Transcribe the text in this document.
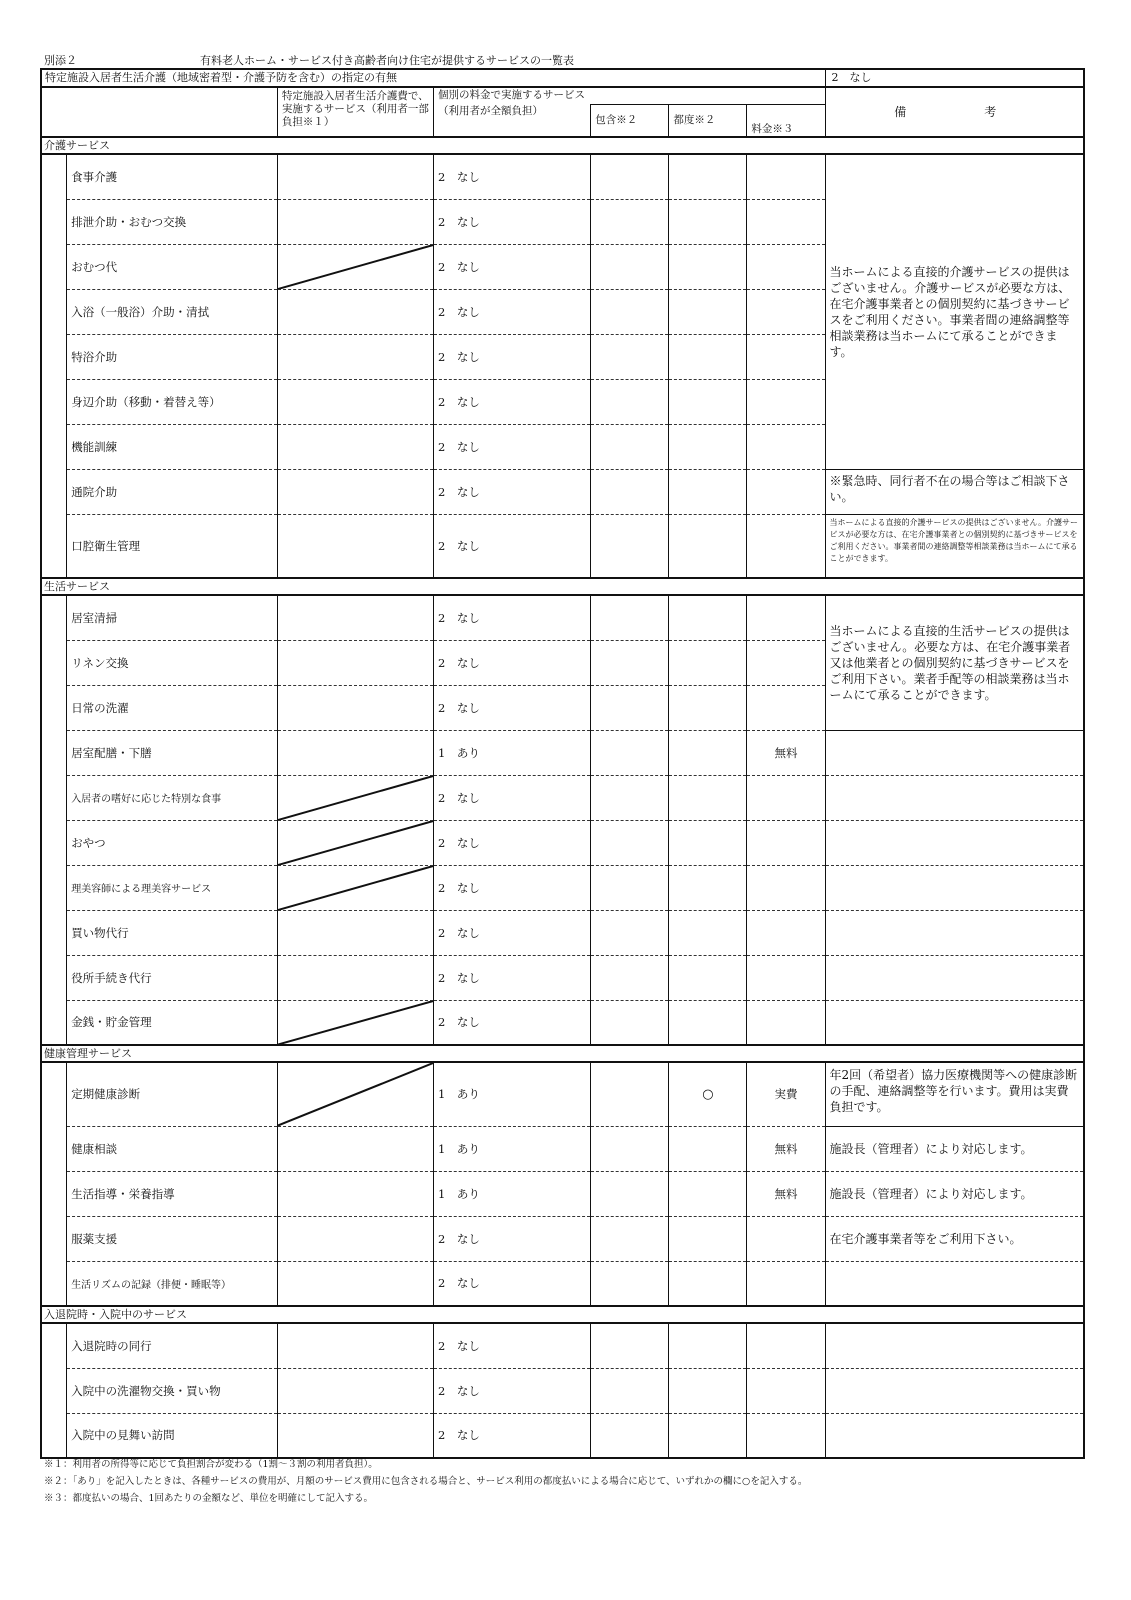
別添２	有料老人ホーム・サービス付き高齢者向け住宅が提供するサービスの一覧表
特定施設入居者生活介護（地域密着型・介護予防を含む）の指定の有無							2　なし
		特定施設入居者生活介護費で、実施するサービス（利用者一部負担※１）	個別の料金で実施するサービス				備　　考
			（利用者が全額負担）	包含※２	都度※２		
						料金※３	
介護サービス							
	食事介護		2　なし				当ホームによる直接的介護サービスの提供はございません。介護サービスが必要な方は、在宅介護事業者との個別契約に基づきサービスをご利用ください。事業者間の連絡調整等相談業務は当ホームにて承ることができます。
	排泄介助・おむつ交換		2　なし				
	おむつ代		2　なし				
	入浴（一般浴）介助・清拭		2　なし				
	特浴介助		2　なし				
	身辺介助（移動・着替え等）		2　なし				
	機能訓練		2　なし				
	通院介助		2　なし				※緊急時、同行者不在の場合等はご相談下さい。
	口腔衛生管理		2　なし				当ホームによる直接的介護サービスの提供はございません。介護サービスが必要な方は、在宅介護事業者との個別契約に基づきサービスをご利用ください。事業者間の連絡調整等相談業務は当ホームにて承ることができます。
生活サービス							
	居室清掃		2　なし				当ホームによる直接的生活サービスの提供はございません。必要な方は、在宅介護事業者又は他業者との個別契約に基づきサービスをご利用下さい。業者手配等の相談業務は当ホームにて承ることができます。
	リネン交換		2　なし				
	日常の洗濯		2　なし				
	居室配膳・下膳		1　あり			無料	
	入居者の嗜好に応じた特別な食事		2　なし				
	おやつ		2　なし				
	理美容師による理美容サービス		2　なし				
	買い物代行		2　なし				
	役所手続き代行		2　なし				
	金銭・貯金管理		2　なし				
健康管理サービス							
	定期健康診断		1　あり		○	実費	年2回（希望者）協力医療機関等への健康診断の手配、連絡調整等を行います。費用は実費負担です。
	健康相談		1　あり			無料	施設長（管理者）により対応します。
	生活指導・栄養指導		1　あり			無料	施設長（管理者）により対応します。
	服薬支援		2　なし				在宅介護事業者等をご利用下さい。
	生活リズムの記録（排便・睡眠等）		2　なし				
入退院時・入院中のサービス							
	入退院時の同行		2　なし				
	入院中の洗濯物交換・買い物		2　なし				
	入院中の見舞い訪問		2　なし				
※１：利用者の所得等に応じて負担割合が変わる（1割～３割の利用者負担）。
※２：「あり」を記入したときは、各種サービスの費用が、月額のサービス費用に包含される場合と、サービス利用の都度払いによる場合に応じて、いずれかの欄に○を記入する。
※３：都度払いの場合、1回あたりの金額など、単位を明確にして記入する。
